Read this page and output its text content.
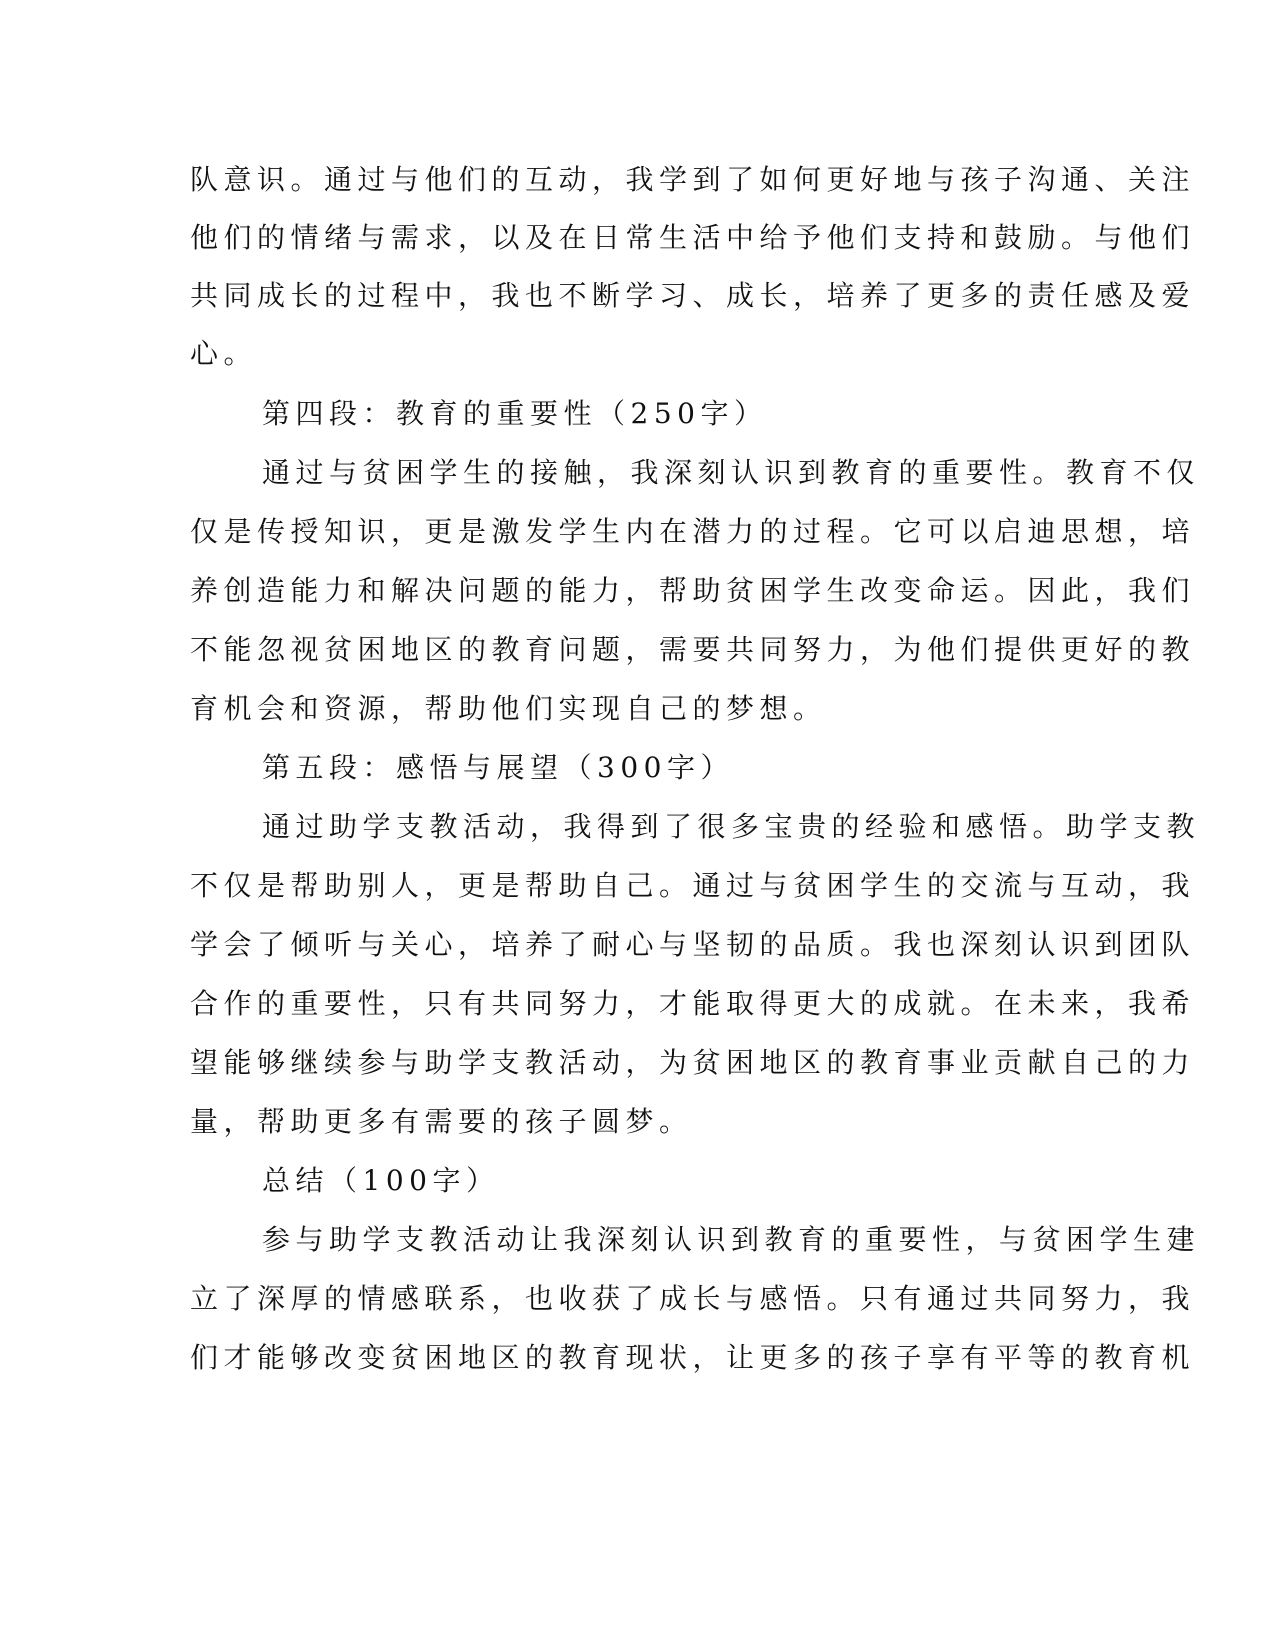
队意识。通过与他们的互动，我学到了如何更好地与孩子沟通、关注
他们的情绪与需求，以及在日常生活中给予他们支持和鼓励。与他们
共同成长的过程中，我也不断学习、成长，培养了更多的责任感及爱
心。
第四段：教育的重要性（250字）
通过与贫困学生的接触，我深刻认识到教育的重要性。教育不仅
仅是传授知识，更是激发学生内在潜力的过程。它可以启迪思想，培
养创造能力和解决问题的能力，帮助贫困学生改变命运。因此，我们
不能忽视贫困地区的教育问题，需要共同努力，为他们提供更好的教
育机会和资源，帮助他们实现自己的梦想。
第五段：感悟与展望（300字）
通过助学支教活动，我得到了很多宝贵的经验和感悟。助学支教
不仅是帮助别人，更是帮助自己。通过与贫困学生的交流与互动，我
学会了倾听与关心，培养了耐心与坚韧的品质。我也深刻认识到团队
合作的重要性，只有共同努力，才能取得更大的成就。在未来，我希
望能够继续参与助学支教活动，为贫困地区的教育事业贡献自己的力
量，帮助更多有需要的孩子圆梦。
总结（100字）
参与助学支教活动让我深刻认识到教育的重要性，与贫困学生建
立了深厚的情感联系，也收获了成长与感悟。只有通过共同努力，我
们才能够改变贫困地区的教育现状，让更多的孩子享有平等的教育机
